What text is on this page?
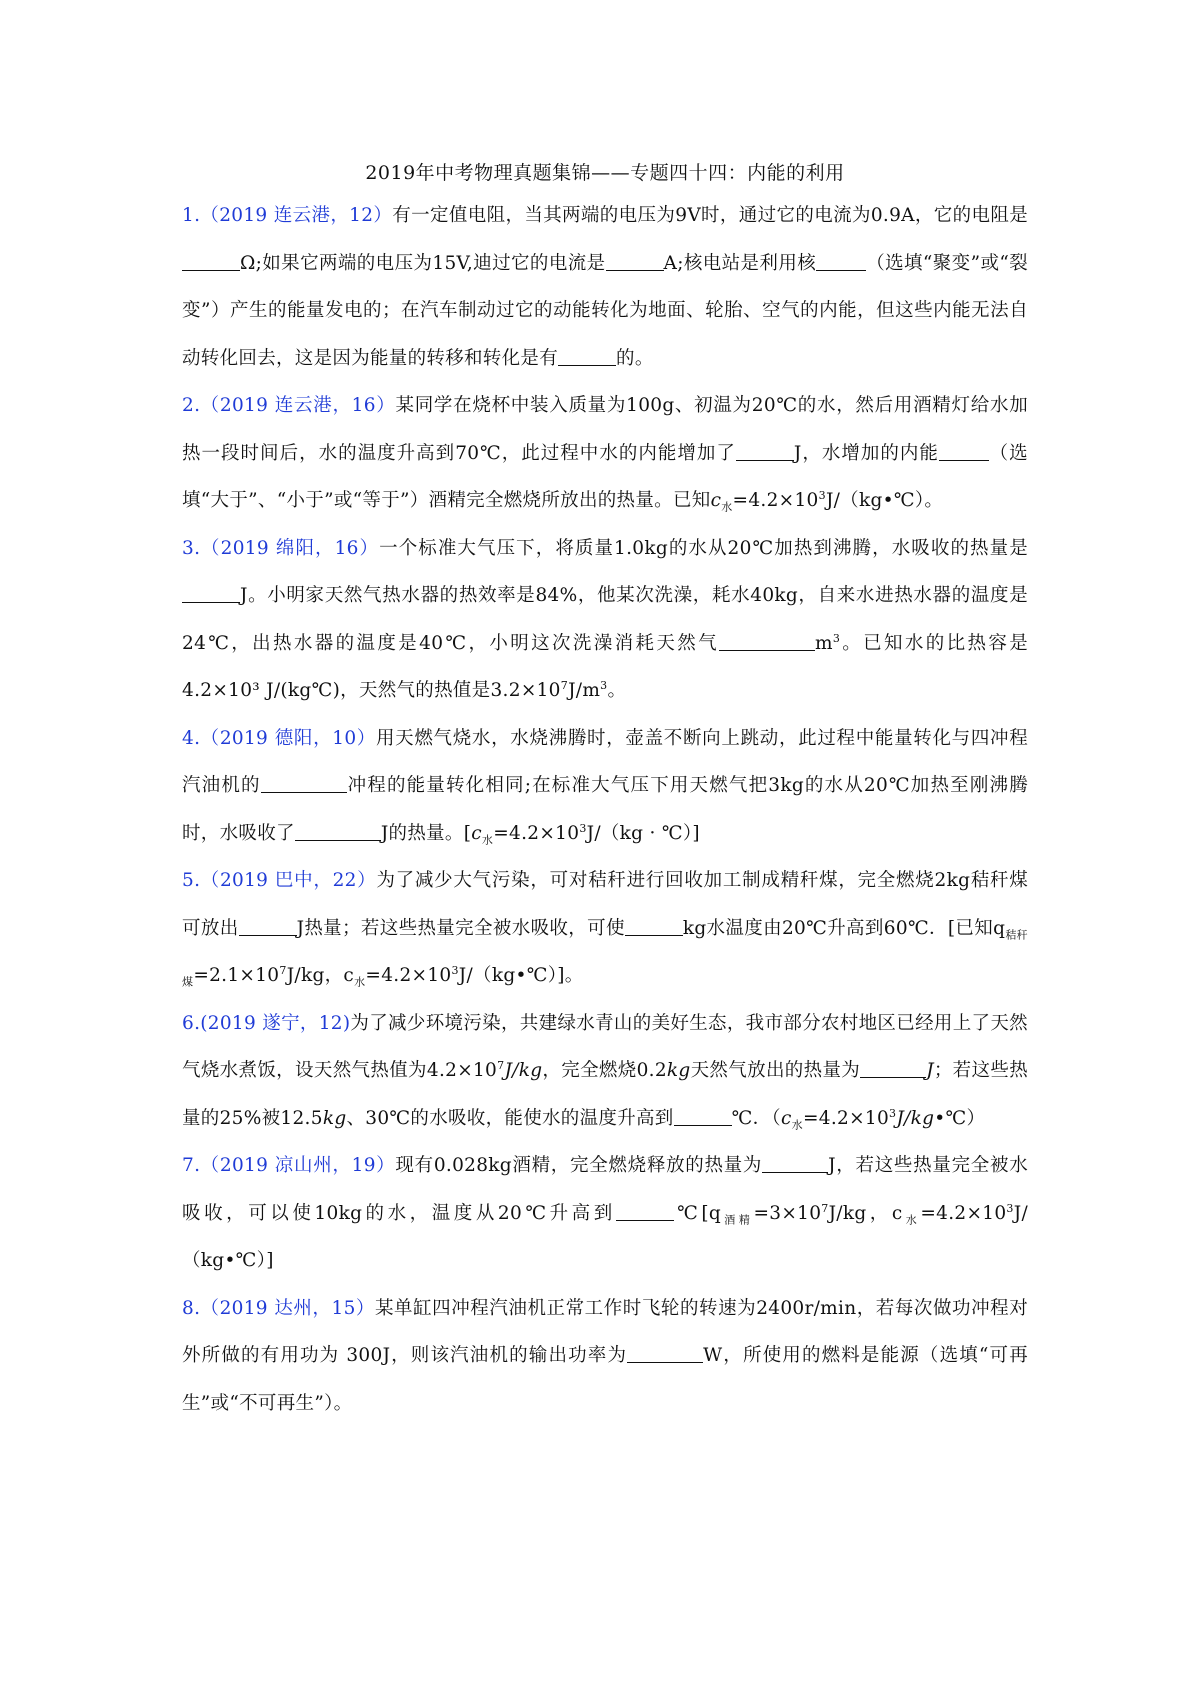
2019年中考物理真题集锦——专题四十四：内能的利用

1.（2019 连云港，12）有一定值电阻，当其两端的电压为9V时，通过它的电流为0.9A，它的电阻是Ω;如果它两端的电压为15V,迪过它的电流是	A;核电站是利用核	（选填“聚变”或“裂变”）产生的能量发电的；在汽车制动过它的动能转化为地面、轮胎、空气的内能，但这些内能无法自动转化回去，这是因为能量的转移和转化是有	的。

2.（2019 连云港，16）某同学在烧杯中装入质量为100g、初温为20℃的水，然后用酒精灯给水加热一段时间后，水的温度升高到70℃，此过程中水的内能增加了	J，水增加的内能	（选填“大于”、“小于”或“等于”）酒精完全燃烧所放出的热量。已知$c_水=4.2\times 10^3J/(kg•℃)$。

3.（2019 绵阳，16）一个标准大气压下，将质量1.0kg的水从20℃加热到沸腾，水吸收的热量是J。小明家天然气热水器的热效率是84%，他某次洗澡，耗水40kg，自来水进热水器的温度是24℃，出热水器的温度是40℃，小明这次洗澡消耗天然气	$m^3$。已知水的比热容是4.2×10³ J/(kg℃)，天然气的热值是$3.2\times 10^7J/m^3$。

4.（2019 德阳，10）用天燃气烧水，水烧沸腾时，壶盖不断向上跳动，此过程中能量转化与四冲程汽油机的	冲程的能量转化相同;在标准大气压下用天燃气把3kg的水从20℃加热至刚沸腾时，水吸收了	J的热量。[$c_水=4.2\times 10^3J/(kg$ · ℃）]

5.（2019 巴中，22）为了减少大气污染，可对秸秆进行回收加工制成精秆煤，完全燃烧2kg秸秆煤可放出	J热量；若这些热量完全被水吸收，可使	kg水温度由20℃升高到60℃．[已知$q_{秸秆煤}=2.1\times 10^7J/kg$，$c_水=4.2\times 10^3J/(kg•℃)$]。

6.(2019 遂宁，12)为了减少环境污染，共建绿水青山的美好生态，我市部分农村地区已经用上了天然气烧水煮饭，设天然气热值为$4.2\times 10^7J/kg$，完全燃烧0.2kg天然气放出的热量为	J；若这些热量的25%被12.5kg、30℃的水吸收，能使水的温度升高到	℃．$(c_水=4.2\times 10^3J/kg•℃)$

7.（2019 凉山州，19）现有0.028kg酒精，完全燃烧释放的热量为	J，若这些热量完全被水吸收，可以使10kg的水，温度从20℃升高到	$℃[q_{酒精}=3\times 10^7J/kg$，$c_水=4.2\times 10^3J/(kg•℃)$]

8.（2019 达州，15）某单缸四冲程汽油机正常工作时飞轮的转速为2400r/min，若每次做功冲程对外所做的有用功为 300J，则该汽油机的输出功率为	W，所使用的燃料是能源（选填“可再生”或“不可再生”）。
